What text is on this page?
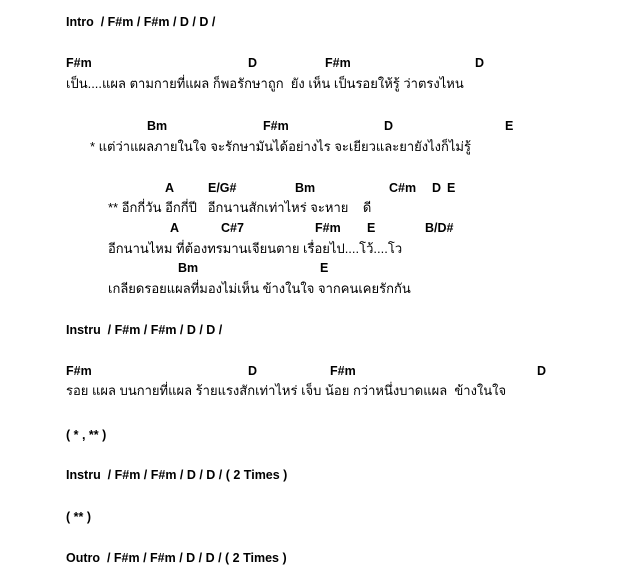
Intro  / F#m / F#m / D / D /
F#m	D	F#m	D
เป็น....แผล ตามกายที่แผล ก็พอรักษาถูก  ยัง เห็น เป็นรอยให้รู้ ว่าตรงไหน
Bm	F#m	D	E
* แต่ว่าแผลภายในใจ จะรักษามันได้อย่างไร จะเยียวและยายังไงก็ไม่รู้
A	E/G#	Bm	C#m D E
** อีกกี่วัน อีกกี่ปี   อีกนานสักเท่าไหร่ จะหาย    ดี
A	C#7	F#m E	B/D#
อีกนานไหม ที่ต้องทรมานเจียนตาย เรื่อยไป....โว้....โว
Bm	E
เกลียดรอยแผลที่มองไม่เห็น ข้างในใจ จากคนเคยรักกัน
Instru  / F#m / F#m / D / D /
F#m	D	F#m	D
รอย แผล บนกายที่แผล ร้ายแรงสักเท่าไหร่ เจ็บ น้อย กว่าหนึ่งบาดแผล  ข้างในใจ
( * , ** )
Instru  / F#m / F#m / D / D / ( 2 Times )
( ** )
Outro  / F#m / F#m / D / D / ( 2 Times )
